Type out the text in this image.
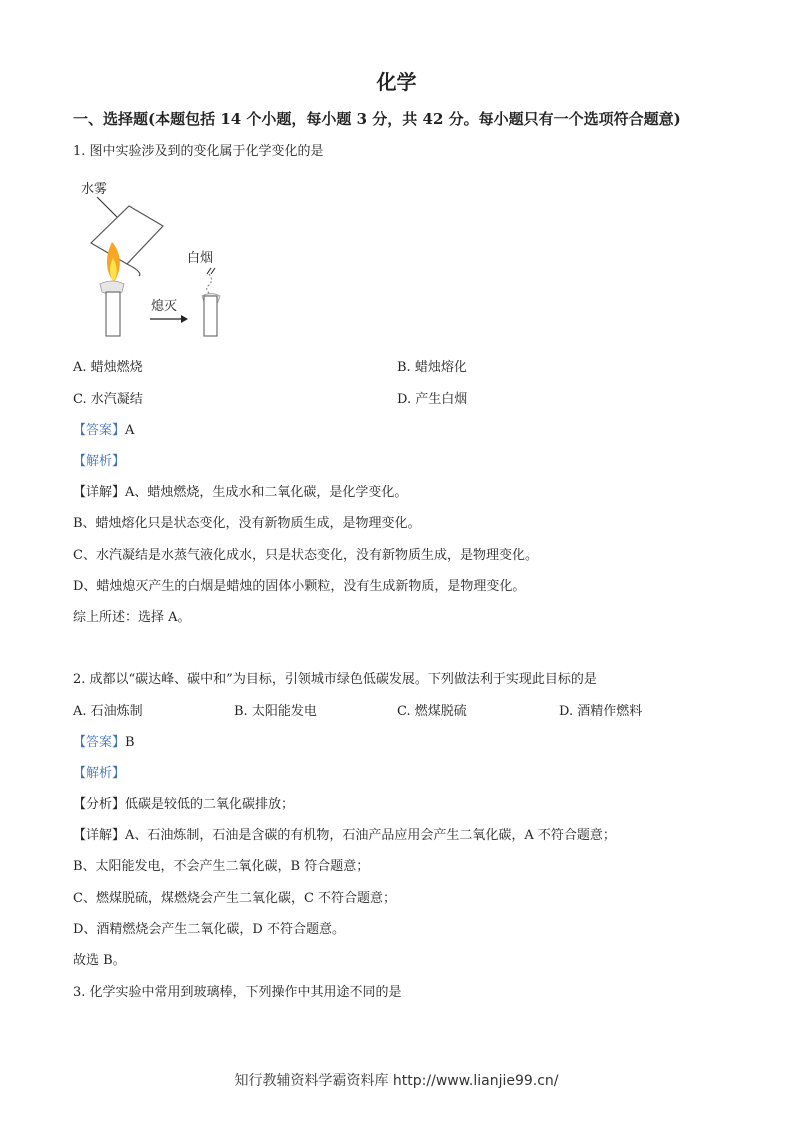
化学
一、选择题(本题包括 14 个小题，每小题 3 分，共 42 分。每小题只有一个选项符合题意)
1. 图中实验涉及到的变化属于化学变化的是
水雾
熄灭
白烟
A. 蜡烛燃烧	B. 蜡烛熔化
C. 水汽凝结	D. 产生白烟
【答案】A
【解析】
【详解】A、蜡烛燃烧，生成水和二氧化碳，是化学变化。
B、蜡烛熔化只是状态变化，没有新物质生成，是物理变化。
C、水汽凝结是水蒸气液化成水，只是状态变化，没有新物质生成，是物理变化。
D、蜡烛熄灭产生的白烟是蜡烛的固体小颗粒，没有生成新物质，是物理变化。
综上所述：选择 A。
2. 成都以“碳达峰、碳中和”为目标，引领城市绿色低碳发展。下列做法利于实现此目标的是
A. 石油炼制	B. 太阳能发电	C. 燃煤脱硫	D. 酒精作燃料
【答案】B
【解析】
【分析】低碳是较低的二氧化碳排放；
【详解】A、石油炼制，石油是含碳的有机物，石油产品应用会产生二氧化碳，A 不符合题意；
B、太阳能发电，不会产生二氧化碳，B 符合题意；
C、燃煤脱硫，煤燃烧会产生二氧化碳，C 不符合题意；
D、酒精燃烧会产生二氧化碳，D 不符合题意。
故选 B。
3. 化学实验中常用到玻璃棒，下列操作中其用途不同的是
知行教辅资料学霸资料库 http://www.lianjie99.cn/
